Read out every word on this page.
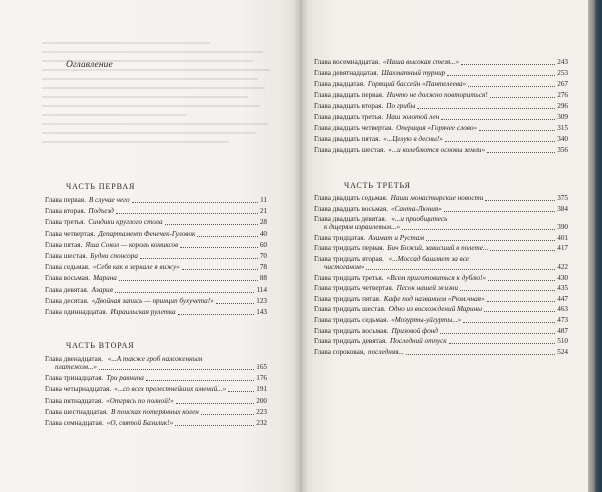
Оглавление
ЧАСТЬ ПЕРВАЯ
Глава первая. В случае чего	11
Глава вторая. Подъезд	21
Глава третья. Синдики круглого стола	28
Глава четвертая. Департамент Фенечек-Гуловок	40
Глава пятая. Яша Сокол — король комиксов	60
Глава шестая. Будни спонсора	70
Глава седьмая. «Себя как в зеркале я вижу»	78
Глава восьмая. Марина	88
Глава девятая. Азария	114
Глава десятая. «Двойная запись — принцип бухучета!»	123
Глава одиннадцатая. Израильская рулетка	143
ЧАСТЬ ВТОРАЯ
Глава двенадцатая. «...А также гроб наложенным
платежом...»	165
Глава тринадцатая. Три равнина	176
Глава четырнадцатая. «...со всех прелестнейших имений...»	191
Глава пятнадцатая. «Отгрясь по полной!»	200
Глава шестнадцатая. В поисках потерянных колен	223
Глава семнадцатая. «О, святой Базилик!»	232
Глава восемнадцатая. «Наша высокая стезя...»	243
Глава девятнадцатая. Шахматный турнир	253
Глава двадцатая. Горящий бассейн «Пантелеева»	267
Глава двадцать первая. Ничто не должно повториться!	276
Глава двадцать вторая. По грибы	296
Глава двадцать третья. Наш золотой лен	309
Глава двадцать четвертая. Операция «Горячее слово»	315
Глава двадцать пятая. «...Целую в десны!»	340
Глава двадцать шестая. «...и колеблются основы земли»	356
ЧАСТЬ ТРЕТЬЯ
Глава двадцать седьмая. Наши монастырские новости	375
Глава двадцать восьмая. «Санта-Люния»	384
Глава двадцать девятая. «...и приобщитесь
к дщерям израилевым...»	390
Глава тридцатая. Азамат и Рустам	401
Глава тридцать первая. Бич Божий, зависший в полете...	417
Глава тридцать вторая. «...Моссад башляет за все
чистоганом»	422
Глава тридцать третья. «Всем приготовиться к дублю!»	430
Глава тридцать четвертая. Песок нашей жизни	435
Глава тридцать пятая. Кафе под названием «Рюм.чная»	447
Глава тридцать шестая. Одно из восхождений Марины	463
Глава тридцать седьмая. «Мозурты-уйгурты...»	473
Глава тридцать восьмая. Призовой фонд	487
Глава тридцать девятая. Последний отпуск	510
Глава сороковая, последняя...	524
